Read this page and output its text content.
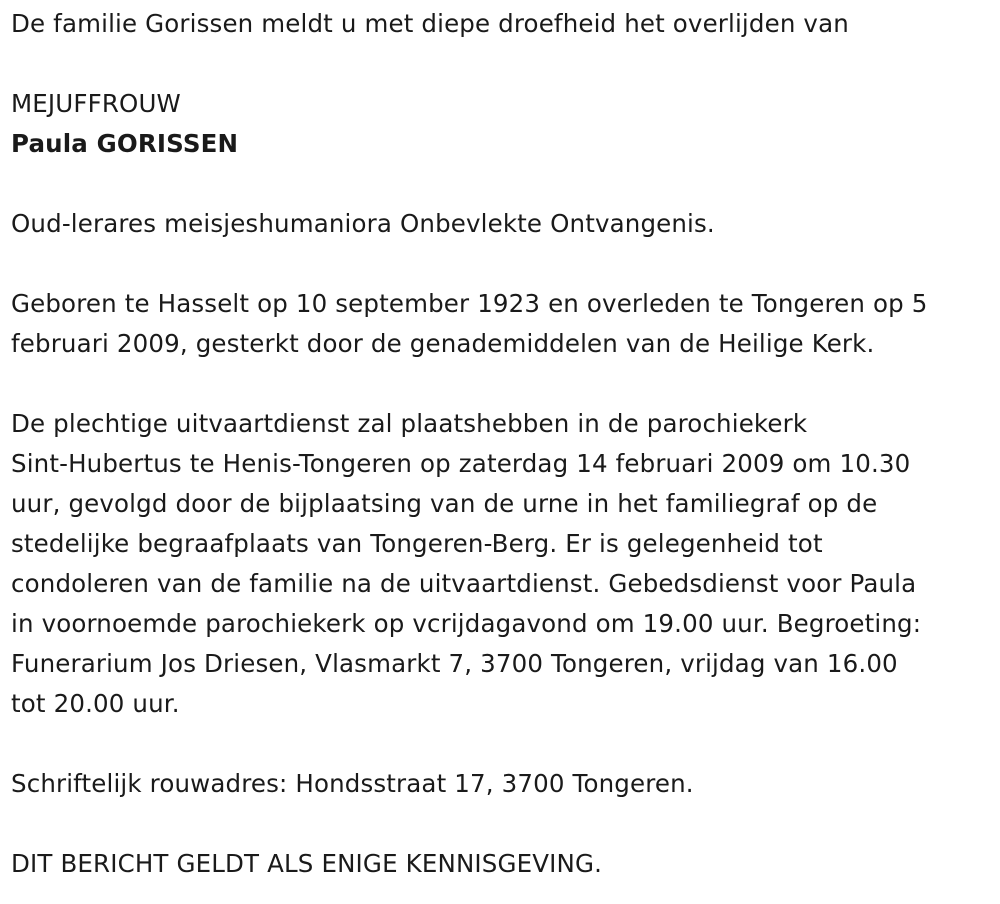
De familie Gorissen meldt u met diepe droefheid het overlijden van

MEJUFFROUW

Paula GORISSEN

Oud-lerares meisjeshumaniora Onbevlekte Ontvangenis.

Geboren te Hasselt op 10 september 1923 en overleden te Tongeren op 5
februari 2009, gesterkt door de genademiddelen van de Heilige Kerk.
De plechtige uitvaartdienst zal plaatshebben in de parochiekerk
Sint-Hubertus te Henis-Tongeren op zaterdag 14 februari 2009 om 10.30
uur, gevolgd door de bijplaatsing van de urne in het familiegraf op de
stedelijke begraafplaats van Tongeren-Berg. Er is gelegenheid tot
condoleren van de familie na de uitvaartdienst. Gebedsdienst voor Paula
in voornoemde parochiekerk op vcrijdagavond om 19.00 uur. Begroeting:
Funerarium Jos Driesen, Vlasmarkt 7, 3700 Tongeren, vrijdag van 16.00
tot 20.00 uur.

Schriftelijk rouwadres: Hondsstraat 17, 3700 Tongeren.

DIT BERICHT GELDT ALS ENIGE KENNISGEVING.
